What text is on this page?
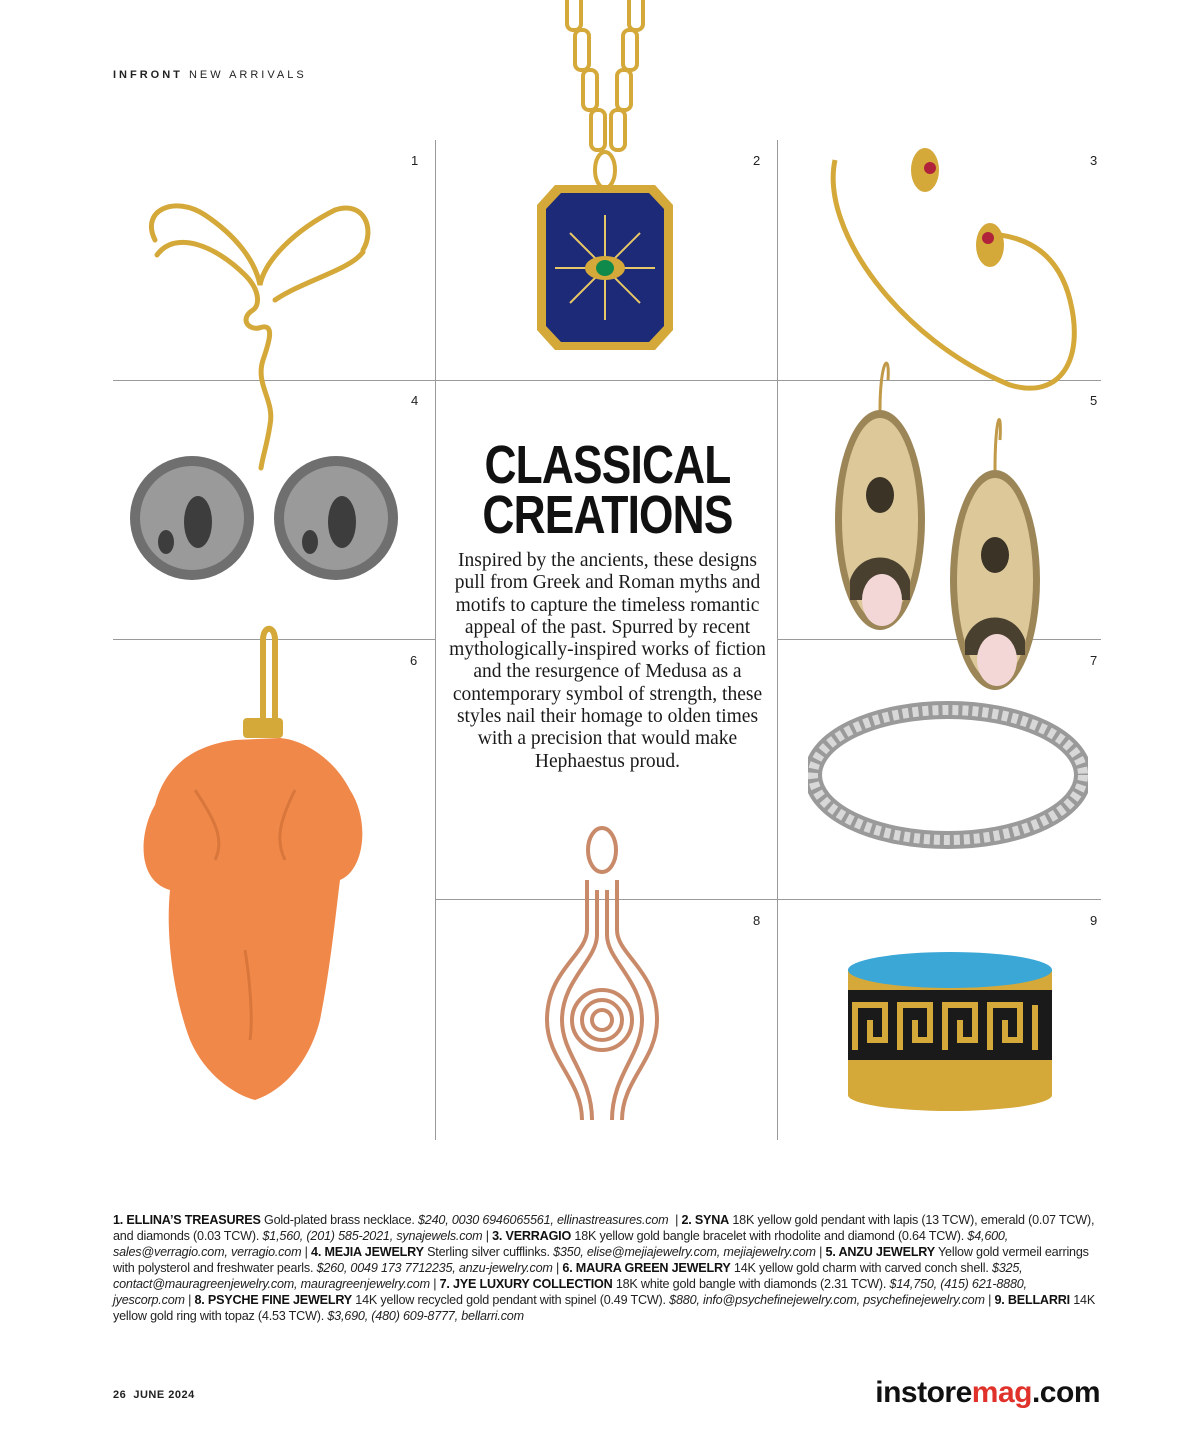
INFRONT NEW ARRIVALS
1	2	3
4	5
6	7
8	9
CLASSICAL
CREATIONS
Inspired by the ancients, these designs pull from Greek and Roman myths and motifs to capture the timeless romantic appeal of the past. Spurred by recent mythologically-inspired works of fiction and the resurgence of Medusa as a contemporary symbol of strength, these styles nail their homage to olden times with a precision that would make Hephaestus proud.
1. ELLINA’S TREASURES Gold-plated brass necklace. $240, 0030 6946065561, ellinastreasures.com  | 2. SYNA 18K yellow gold pendant with lapis (13 TCW), emerald (0.07 TCW), and diamonds (0.03 TCW). $1,560, (201) 585-2021, synajewels.com | 3. VERRAGIO 18K yellow gold bangle bracelet with rhodolite and diamond (0.64 TCW). $4,600, sales@verragio.com, verragio.com | 4. MEJIA JEWELRY Sterling silver cufflinks. $350, elise@mejiajewelry.com, mejiajewelry.com | 5. ANZU JEWELRY Yellow gold vermeil earrings with polysterol and freshwater pearls. $260, 0049 173 7712235, anzu-jewelry.com | 6. MAURA GREEN JEWELRY 14K yellow gold charm with carved conch shell. $325, contact@mauragreenjewelry.com, mauragreenjewelry.com | 7. JYE LUXURY COLLECTION 18K white gold bangle with diamonds (2.31 TCW). $14,750, (415) 621-8880, jyescorp.com | 8. PSYCHE FINE JEWELRY 14K yellow recycled gold pendant with spinel (0.49 TCW). $880, info@psychefinejewelry.com, psychefinejewelry.com | 9. BELLARRI 14K yellow gold ring with topaz (4.53 TCW). $3,690, (480) 609-8777, bellarri.com
26 JUNE 2024	instoremag.com
